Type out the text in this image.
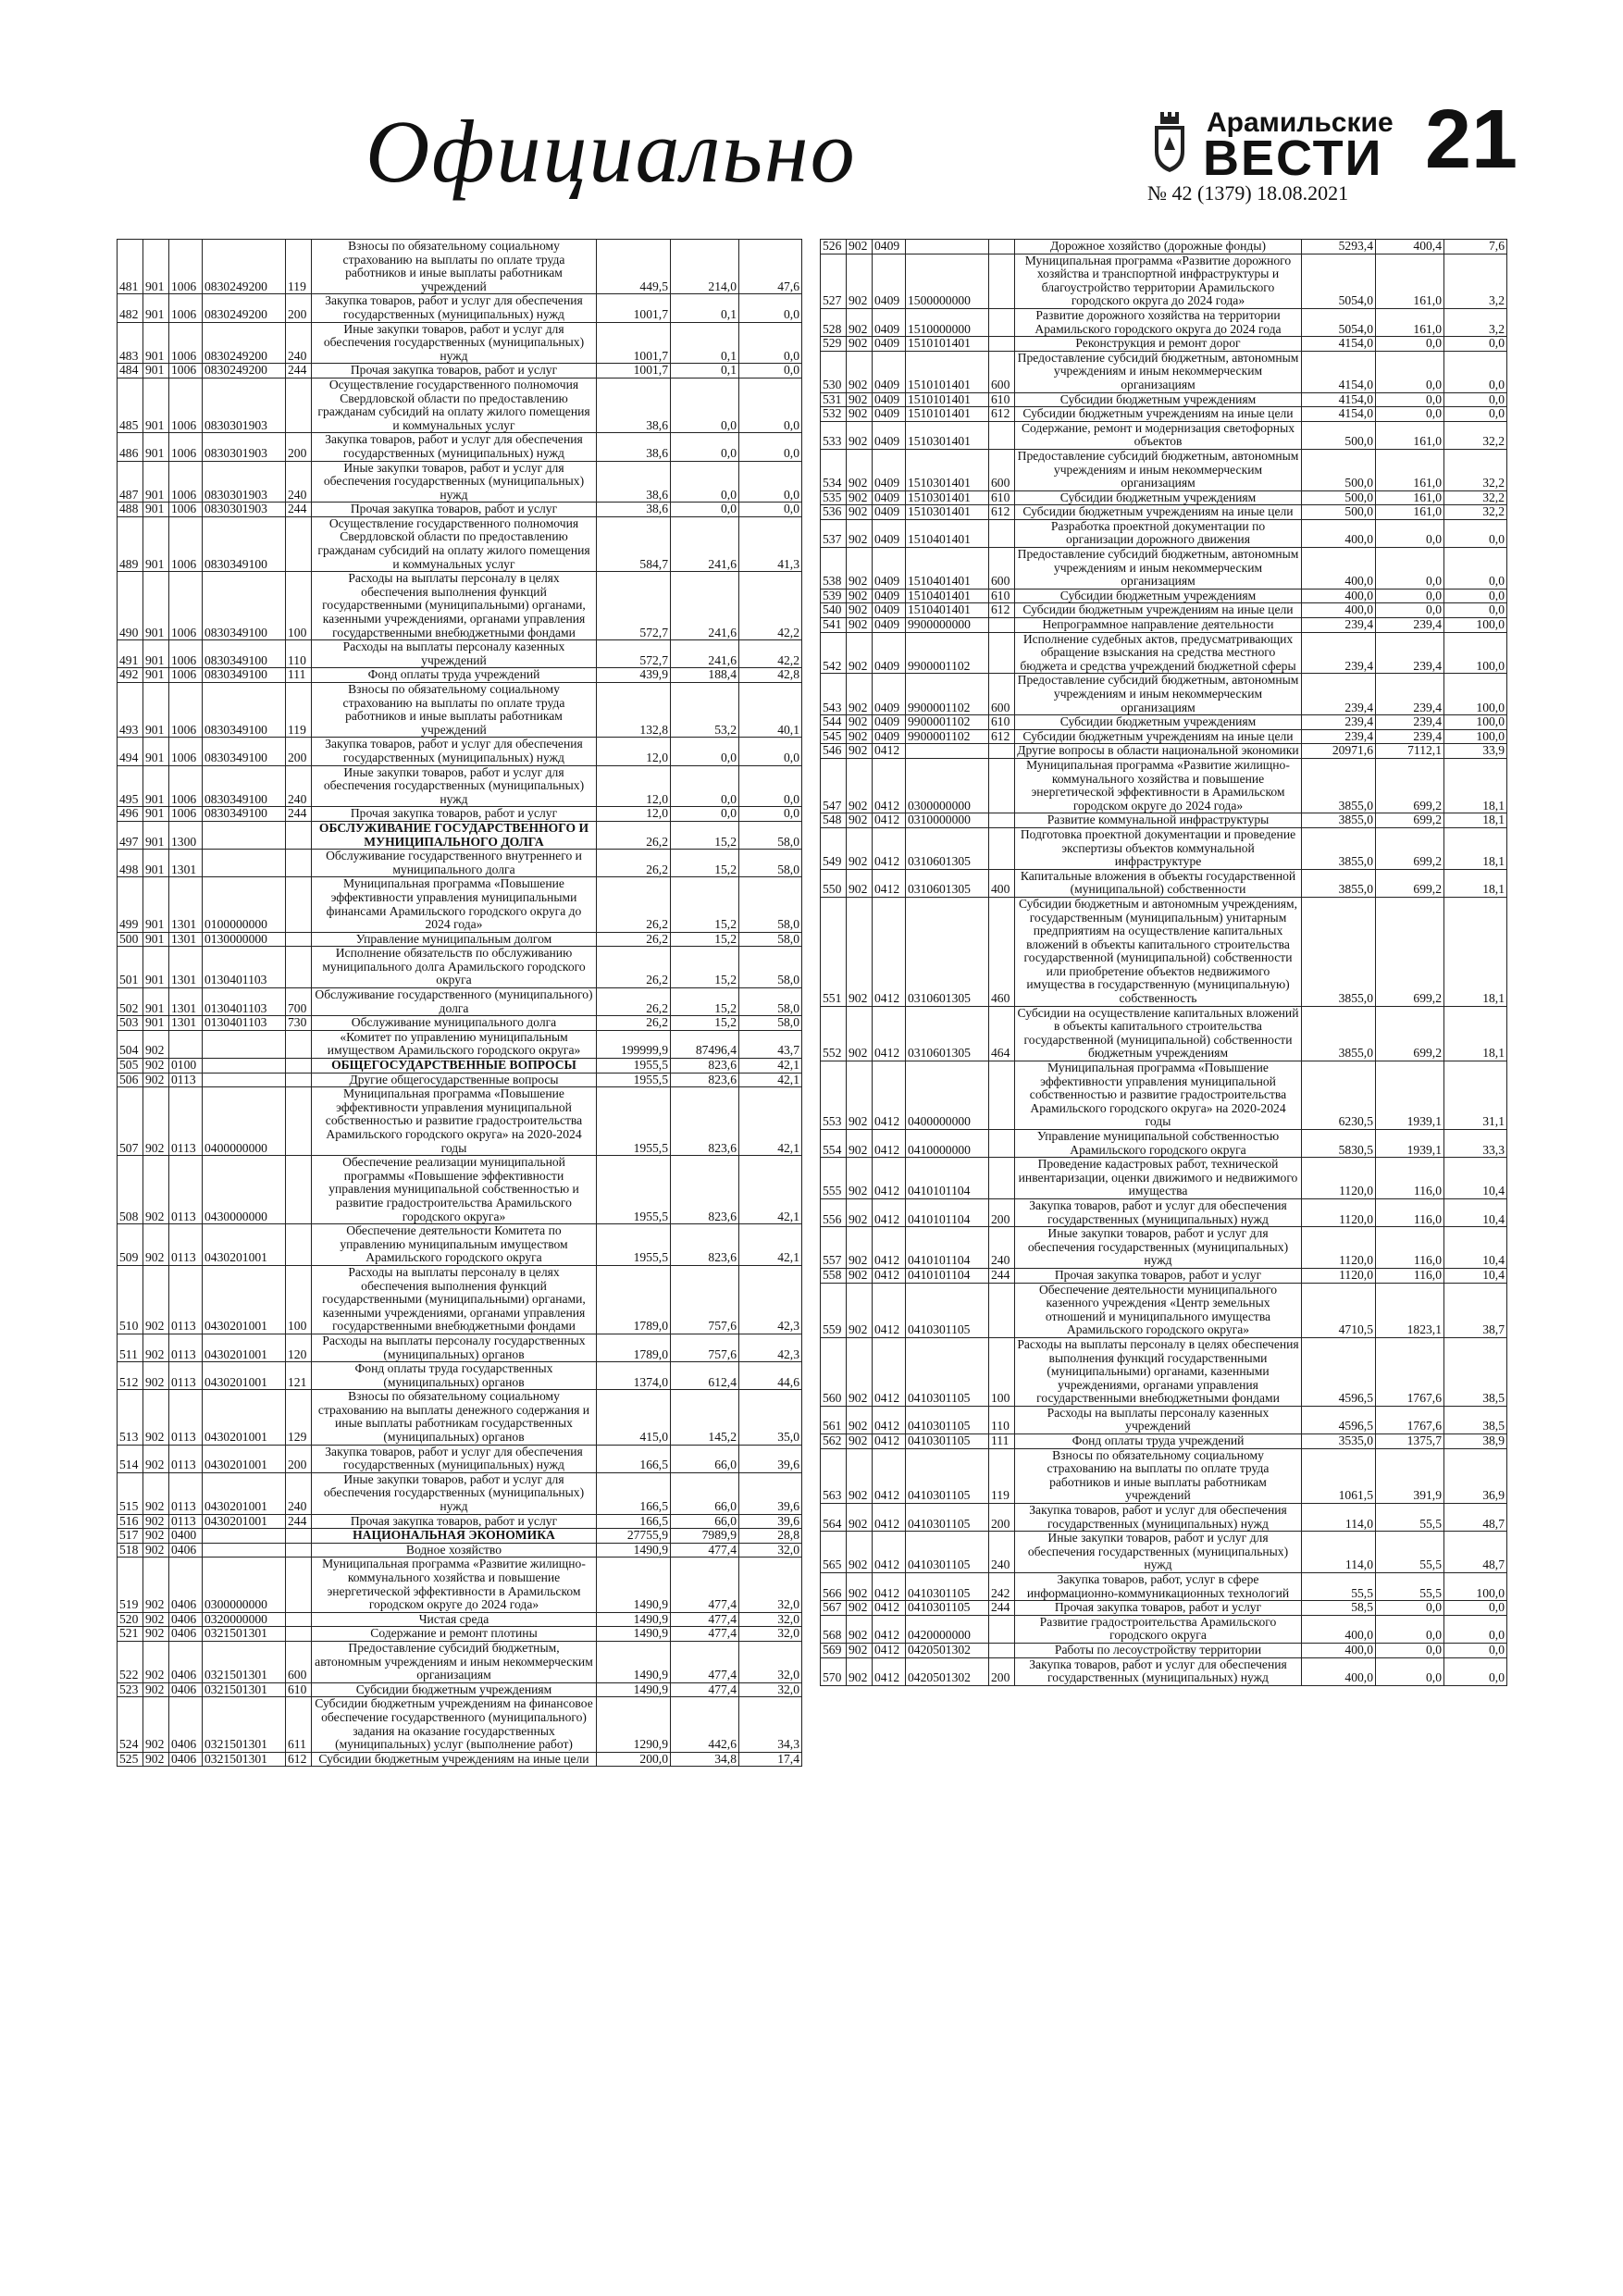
Официально	Арамильские
ВЕСТИ 21
№ 42 (1379) 18.08.2021
481	901	1006	0830249200	119	Взносы по обязательному социальному страхованию на выплаты по оплате труда работников и иные выплаты работникам учреждений	449,5	214,0	47,6
482	901	1006	0830249200	200	Закупка товаров, работ и услуг для обеспечения государственных (муниципальных) нужд	1001,7	0,1	0,0
483	901	1006	0830249200	240	Иные закупки товаров, работ и услуг для обеспечения государственных (муниципальных) нужд	1001,7	0,1	0,0
484	901	1006	0830249200	244	Прочая закупка товаров, работ и услуг	1001,7	0,1	0,0
485	901	1006	0830301903		Осуществление государственного полномочия Свердловской области по предоставлению гражданам субсидий на оплату жилого помещения и коммунальных услуг	38,6	0,0	0,0
486	901	1006	0830301903	200	Закупка товаров, работ и услуг для обеспечения государственных (муниципальных) нужд	38,6	0,0	0,0
487	901	1006	0830301903	240	Иные закупки товаров, работ и услуг для обеспечения государственных (муниципальных) нужд	38,6	0,0	0,0
488	901	1006	0830301903	244	Прочая закупка товаров, работ и услуг	38,6	0,0	0,0
489	901	1006	0830349100		Осуществление государственного полномочия Свердловской области по предоставлению гражданам субсидий на оплату жилого помещения и коммунальных услуг	584,7	241,6	41,3
490	901	1006	0830349100	100	Расходы на выплаты персоналу в целях обеспечения выполнения функций государственными (муниципальными) органами, казенными учреждениями, органами управления государственными внебюджетными фондами	572,7	241,6	42,2
491	901	1006	0830349100	110	Расходы на выплаты персоналу казенных учреждений	572,7	241,6	42,2
492	901	1006	0830349100	111	Фонд оплаты труда учреждений	439,9	188,4	42,8
493	901	1006	0830349100	119	Взносы по обязательному социальному страхованию на выплаты по оплате труда работников и иные выплаты работникам учреждений	132,8	53,2	40,1
494	901	1006	0830349100	200	Закупка товаров, работ и услуг для обеспечения государственных (муниципальных) нужд	12,0	0,0	0,0
495	901	1006	0830349100	240	Иные закупки товаров, работ и услуг для обеспечения государственных (муниципальных) нужд	12,0	0,0	0,0
496	901	1006	0830349100	244	Прочая закупка товаров, работ и услуг	12,0	0,0	0,0
497	901	1300			ОБСЛУЖИВАНИЕ ГОСУДАРСТВЕННОГО И МУНИЦИПАЛЬНОГО ДОЛГА	26,2	15,2	58,0
498	901	1301			Обслуживание государственного внутреннего и муниципального долга	26,2	15,2	58,0
499	901	1301	0100000000		Муниципальная программа «Повышение эффективности управления муниципальными финансами Арамильского городского округа до 2024 года»	26,2	15,2	58,0
500	901	1301	0130000000		Управление муниципальным долгом	26,2	15,2	58,0
501	901	1301	0130401103		Исполнение обязательств по обслуживанию муниципального долга Арамильского городского округа	26,2	15,2	58,0
502	901	1301	0130401103	700	Обслуживание государственного (муниципального) долга	26,2	15,2	58,0
503	901	1301	0130401103	730	Обслуживание муниципального долга	26,2	15,2	58,0
504	902				«Комитет по управлению муниципальным имуществом Арамильского городского округа»	199999,9	87496,4	43,7
505	902	0100			ОБЩЕГОСУДАРСТВЕННЫЕ ВОПРОСЫ	1955,5	823,6	42,1
506	902	0113			Другие общегосударственные вопросы	1955,5	823,6	42,1
507	902	0113	0400000000		Муниципальная программа «Повышение эффективности управления муниципальной собственностью и развитие градостроительства Арамильского городского округа» на 2020-2024 годы	1955,5	823,6	42,1
508	902	0113	0430000000		Обеспечение реализации муниципальной программы «Повышение эффективности управления муниципальной собственностью и развитие градостроительства Арамильского городского округа»	1955,5	823,6	42,1
509	902	0113	0430201001		Обеспечение деятельности Комитета по управлению муниципальным имуществом Арамильского городского округа	1955,5	823,6	42,1
510	902	0113	0430201001	100	Расходы на выплаты персоналу в целях обеспечения выполнения функций государственными (муниципальными) органами, казенными учреждениями, органами управления государственными внебюджетными фондами	1789,0	757,6	42,3
511	902	0113	0430201001	120	Расходы на выплаты персоналу государственных (муниципальных) органов	1789,0	757,6	42,3
512	902	0113	0430201001	121	Фонд оплаты труда государственных (муниципальных) органов	1374,0	612,4	44,6
513	902	0113	0430201001	129	Взносы по обязательному социальному страхованию на выплаты денежного содержания и иные выплаты работникам государственных (муниципальных) органов	415,0	145,2	35,0
514	902	0113	0430201001	200	Закупка товаров, работ и услуг для обеспечения государственных (муниципальных) нужд	166,5	66,0	39,6
515	902	0113	0430201001	240	Иные закупки товаров, работ и услуг для обеспечения государственных (муниципальных) нужд	166,5	66,0	39,6
516	902	0113	0430201001	244	Прочая закупка товаров, работ и услуг	166,5	66,0	39,6
517	902	0400			НАЦИОНАЛЬНАЯ ЭКОНОМИКА	27755,9	7989,9	28,8
518	902	0406			Водное хозяйство	1490,9	477,4	32,0
519	902	0406	0300000000		Муниципальная программа «Развитие жилищно-коммунального хозяйства и повышение энергетической эффективности в Арамильском городском округе до 2024 года»	1490,9	477,4	32,0
520	902	0406	0320000000		Чистая среда	1490,9	477,4	32,0
521	902	0406	0321501301		Содержание и ремонт плотины	1490,9	477,4	32,0
522	902	0406	0321501301	600	Предоставление субсидий бюджетным, автономным учреждениям и иным некоммерческим организациям	1490,9	477,4	32,0
523	902	0406	0321501301	610	Субсидии бюджетным учреждениям	1490,9	477,4	32,0
524	902	0406	0321501301	611	Субсидии бюджетным учреждениям на финансовое обеспечение государственного (муниципального) задания на оказание государственных (муниципальных) услуг (выполнение работ)	1290,9	442,6	34,3
525	902	0406	0321501301	612	Субсидии бюджетным учреждениям на иные цели	200,0	34,8	17,4
526	902	0409			Дорожное хозяйство (дорожные фонды)	5293,4	400,4	7,6
527	902	0409	1500000000		Муниципальная программа «Развитие дорожного хозяйства и транспортной инфраструктуры и благоустройство территории Арамильского городского округа до 2024 года»	5054,0	161,0	3,2
528	902	0409	1510000000		Развитие дорожного хозяйства на территории Арамильского городского округа до 2024 года	5054,0	161,0	3,2
529	902	0409	1510101401		Реконструкция и ремонт дорог	4154,0	0,0	0,0
530	902	0409	1510101401	600	Предоставление субсидий бюджетным, автономным учреждениям и иным некоммерческим организациям	4154,0	0,0	0,0
531	902	0409	1510101401	610	Субсидии бюджетным учреждениям	4154,0	0,0	0,0
532	902	0409	1510101401	612	Субсидии бюджетным учреждениям на иные цели	4154,0	0,0	0,0
533	902	0409	1510301401		Содержание, ремонт и модернизация светофорных объектов	500,0	161,0	32,2
534	902	0409	1510301401	600	Предоставление субсидий бюджетным, автономным учреждениям и иным некоммерческим организациям	500,0	161,0	32,2
535	902	0409	1510301401	610	Субсидии бюджетным учреждениям	500,0	161,0	32,2
536	902	0409	1510301401	612	Субсидии бюджетным учреждениям на иные цели	500,0	161,0	32,2
537	902	0409	1510401401		Разработка проектной документации по организации дорожного движения	400,0	0,0	0,0
538	902	0409	1510401401	600	Предоставление субсидий бюджетным, автономным учреждениям и иным некоммерческим организациям	400,0	0,0	0,0
539	902	0409	1510401401	610	Субсидии бюджетным учреждениям	400,0	0,0	0,0
540	902	0409	1510401401	612	Субсидии бюджетным учреждениям на иные цели	400,0	0,0	0,0
541	902	0409	9900000000		Непрограммное направление деятельности	239,4	239,4	100,0
542	902	0409	9900001102		Исполнение судебных актов, предусматривающих обращение взыскания на средства местного бюджета и средства учреждений бюджетной сферы	239,4	239,4	100,0
543	902	0409	9900001102	600	Предоставление субсидий бюджетным, автономным учреждениям и иным некоммерческим организациям	239,4	239,4	100,0
544	902	0409	9900001102	610	Субсидии бюджетным учреждениям	239,4	239,4	100,0
545	902	0409	9900001102	612	Субсидии бюджетным учреждениям на иные цели	239,4	239,4	100,0
546	902	0412			Другие вопросы в области национальной экономики	20971,6	7112,1	33,9
547	902	0412	0300000000		Муниципальная программа «Развитие жилищно-коммунального хозяйства и повышение энергетической эффективности в Арамильском городском округе до 2024 года»	3855,0	699,2	18,1
548	902	0412	0310000000		Развитие коммунальной инфраструктуры	3855,0	699,2	18,1
549	902	0412	0310601305		Подготовка проектной документации и проведение экспертизы объектов коммунальной инфраструктуре	3855,0	699,2	18,1
550	902	0412	0310601305	400	Капитальные вложения в объекты государственной (муниципальной) собственности	3855,0	699,2	18,1
551	902	0412	0310601305	460	Субсидии бюджетным и автономным учреждениям, государственным (муниципальным) унитарным предприятиям на осуществление капитальных вложений в объекты капитального строительства государственной (муниципальной) собственности или приобретение объектов недвижимого имущества в государственную (муниципальную) собственность	3855,0	699,2	18,1
552	902	0412	0310601305	464	Субсидии на осуществление капитальных вложений в объекты капитального строительства государственной (муниципальной) собственности бюджетным учреждениям	3855,0	699,2	18,1
553	902	0412	0400000000		Муниципальная программа «Повышение эффективности управления муниципальной собственностью и развитие градостроительства Арамильского городского округа» на 2020-2024 годы	6230,5	1939,1	31,1
554	902	0412	0410000000		Управление муниципальной собственностью Арамильского городского округа	5830,5	1939,1	33,3
555	902	0412	0410101104		Проведение кадастровых работ, технической инвентаризации, оценки движимого и недвижимого имущества	1120,0	116,0	10,4
556	902	0412	0410101104	200	Закупка товаров, работ и услуг для обеспечения государственных (муниципальных) нужд	1120,0	116,0	10,4
557	902	0412	0410101104	240	Иные закупки товаров, работ и услуг для обеспечения государственных (муниципальных) нужд	1120,0	116,0	10,4
558	902	0412	0410101104	244	Прочая закупка товаров, работ и услуг	1120,0	116,0	10,4
559	902	0412	0410301105		Обеспечение деятельности муниципального казенного учреждения «Центр земельных отношений и муниципального имущества Арамильского городского округа»	4710,5	1823,1	38,7
560	902	0412	0410301105	100	Расходы на выплаты персоналу в целях обеспечения выполнения функций государственными (муниципальными) органами, казенными учреждениями, органами управления государственными внебюджетными фондами	4596,5	1767,6	38,5
561	902	0412	0410301105	110	Расходы на выплаты персоналу казенных учреждений	4596,5	1767,6	38,5
562	902	0412	0410301105	111	Фонд оплаты труда учреждений	3535,0	1375,7	38,9
563	902	0412	0410301105	119	Взносы по обязательному социальному страхованию на выплаты по оплате труда работников и иные выплаты работникам учреждений	1061,5	391,9	36,9
564	902	0412	0410301105	200	Закупка товаров, работ и услуг для обеспечения государственных (муниципальных) нужд	114,0	55,5	48,7
565	902	0412	0410301105	240	Иные закупки товаров, работ и услуг для обеспечения государственных (муниципальных) нужд	114,0	55,5	48,7
566	902	0412	0410301105	242	Закупка товаров, работ, услуг в сфере информационно-коммуникационных технологий	55,5	55,5	100,0
567	902	0412	0410301105	244	Прочая закупка товаров, работ и услуг	58,5	0,0	0,0
568	902	0412	0420000000		Развитие градостроительства Арамильского городского округа	400,0	0,0	0,0
569	902	0412	0420501302		Работы по лесоустройству территории	400,0	0,0	0,0
570	902	0412	0420501302	200	Закупка товаров, работ и услуг для обеспечения государственных (муниципальных) нужд	400,0	0,0	0,0
